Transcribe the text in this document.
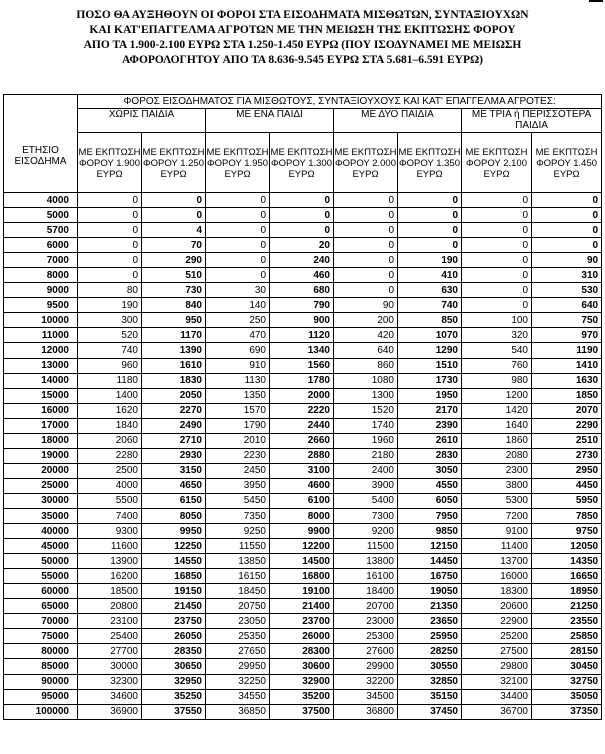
ΠΟΣΟ ΘΑ ΑΥΞΗΘΟΥΝ ΟΙ ΦΟΡΟΙ ΣΤΑ ΕΙΣΟΔΗΜΑΤΑ ΜΙΣΘΩΤΩΝ, ΣΥΝΤΑΞΙΟΥΧΩΝ
ΚΑΙ ΚΑΤ'ΕΠΑΓΓΕΛΜΑ ΑΓΡΟΤΩΝ ΜΕ ΤΗΝ ΜΕΙΩΣΗ ΤΗΣ ΕΚΠΤΩΣΗΣ ΦΟΡΟΥ
ΑΠΟ ΤΑ 1.900-2.100 ΕΥΡΩ ΣΤΑ 1.250-1.450 ΕΥΡΩ (ΠΟΥ ΙΣΟΔΥΝΑΜΕΙ ΜΕ ΜΕΙΩΣΗ
ΑΦΟΡΟΛΟΓΗΤΟΥ ΑΠΟ ΤΑ 8.636-9.545 ΕΥΡΩ ΣΤΑ 5.681–6.591 ΕΥΡΩ)
ΕΤΗΣΙΟ ΕΙΣΟΔΗΜΑ	ΦΟΡΟΣ ΕΙΣΟΔΗΜΑΤΟΣ ΓΙΑ ΜΙΣΘΩΤΟΥΣ, ΣΥΝΤΑΞΙΟΥΧΟΥΣ ΚΑΙ ΚΑΤ' ΕΠΑΓΓΕΛΜΑ ΑΓΡΟΤΕΣ:							
	ΧΩΡΙΣ ΠΑΙΔΙΑ		ΜΕ ΕΝΑ ΠΑΙΔΙ		ΜΕ ΔΥΟ ΠΑΙΔΙΑ		ΜΕ ΤΡΙΑ ή ΠΕΡΙΣΣΟΤΕΡΑ ΠΑΙΔΙΑ	
	ΜΕ ΕΚΠΤΩΣΗ ΦΟΡΟΥ 1.900 ΕΥΡΩ	ΜΕ ΕΚΠΤΩΣΗ ΦΟΡΟΥ 1.250 ΕΥΡΩ	ΜΕ ΕΚΠΤΩΣΗ ΦΟΡΟΥ 1.950 ΕΥΡΩ	ΜΕ ΕΚΠΤΩΣΗ ΦΟΡΟΥ 1.300 ΕΥΡΩ	ΜΕ ΕΚΠΤΩΣΗ ΦΟΡΟΥ 2.000 ΕΥΡΩ	ΜΕ ΕΚΠΤΩΣΗ ΦΟΡΟΥ 1.350 ΕΥΡΩ	ΜΕ ΕΚΠΤΩΣΗ ΦΟΡΟΥ 2.100 ΕΥΡΩ	ΜΕ ΕΚΠΤΩΣΗ ΦΟΡΟΥ 1.450 ΕΥΡΩ
4000	0	0	0	0	0	0	0	0
5000	0	0	0	0	0	0	0	0
5700	0	4	0	0	0	0	0	0
6000	0	70	0	20	0	0	0	0
7000	0	290	0	240	0	190	0	90
8000	0	510	0	460	0	410	0	310
9000	80	730	30	680	0	630	0	530
9500	190	840	140	790	90	740	0	640
10000	300	950	250	900	200	850	100	750
11000	520	1170	470	1120	420	1070	320	970
12000	740	1390	690	1340	640	1290	540	1190
13000	960	1610	910	1560	860	1510	760	1410
14000	1180	1830	1130	1780	1080	1730	980	1630
15000	1400	2050	1350	2000	1300	1950	1200	1850
16000	1620	2270	1570	2220	1520	2170	1420	2070
17000	1840	2490	1790	2440	1740	2390	1640	2290
18000	2060	2710	2010	2660	1960	2610	1860	2510
19000	2280	2930	2230	2880	2180	2830	2080	2730
20000	2500	3150	2450	3100	2400	3050	2300	2950
25000	4000	4650	3950	4600	3900	4550	3800	4450
30000	5500	6150	5450	6100	5400	6050	5300	5950
35000	7400	8050	7350	8000	7300	7950	7200	7850
40000	9300	9950	9250	9900	9200	9850	9100	9750
45000	11600	12250	11550	12200	11500	12150	11400	12050
50000	13900	14550	13850	14500	13800	14450	13700	14350
55000	16200	16850	16150	16800	16100	16750	16000	16650
60000	18500	19150	18450	19100	18400	19050	18300	18950
65000	20800	21450	20750	21400	20700	21350	20600	21250
70000	23100	23750	23050	23700	23000	23650	22900	23550
75000	25400	26050	25350	26000	25300	25950	25200	25850
80000	27700	28350	27650	28300	27600	28250	27500	28150
85000	30000	30650	29950	30600	29900	30550	29800	30450
90000	32300	32950	32250	32900	32200	32850	32100	32750
95000	34600	35250	34550	35200	34500	35150	34400	35050
100000	36900	37550	36850	37500	36800	37450	36700	37350
